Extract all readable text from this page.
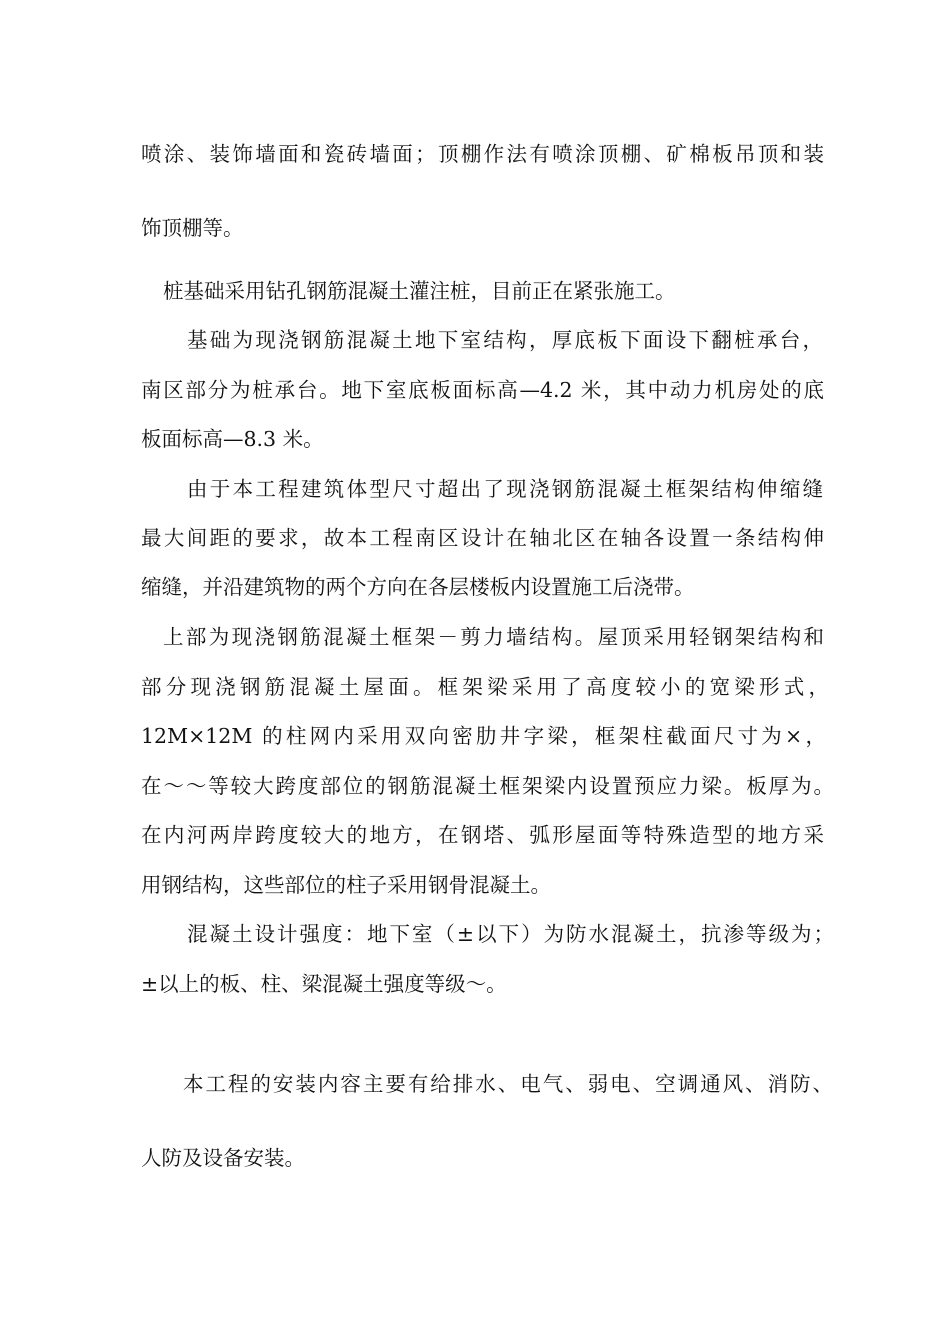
喷涂、装饰墙面和瓷砖墙面；顶棚作法有喷涂顶棚、矿棉板吊顶和装
饰顶棚等。
桩基础采用钻孔钢筋混凝土灌注桩，目前正在紧张施工。
基础为现浇钢筋混凝土地下室结构，厚底板下面设下翻桩承台，
南区部分为桩承台。地下室底板面标高—4.2 米，其中动力机房处的底
板面标高—8.3 米。
由于本工程建筑体型尺寸超出了现浇钢筋混凝土框架结构伸缩缝
最大间距的要求，故本工程南区设计在轴北区在轴各设置一条结构伸
缩缝，并沿建筑物的两个方向在各层楼板内设置施工后浇带。
上部为现浇钢筋混凝土框架－剪力墙结构。屋顶采用轻钢架结构和
部分现浇钢筋混凝土屋面。框架梁采用了高度较小的宽梁形式，
12M×12M 的柱网内采用双向密肋井字梁，框架柱截面尺寸为×，
在～～等较大跨度部位的钢筋混凝土框架梁内设置预应力梁。板厚为。
在内河两岸跨度较大的地方，在钢塔、弧形屋面等特殊造型的地方采
用钢结构，这些部位的柱子采用钢骨混凝土。
混凝土设计强度：地下室（±以下）为防水混凝土，抗渗等级为；
±以上的板、柱、梁混凝土强度等级～。
本工程的安装内容主要有给排水、电气、弱电、空调通风、消防、
人防及设备安装。
